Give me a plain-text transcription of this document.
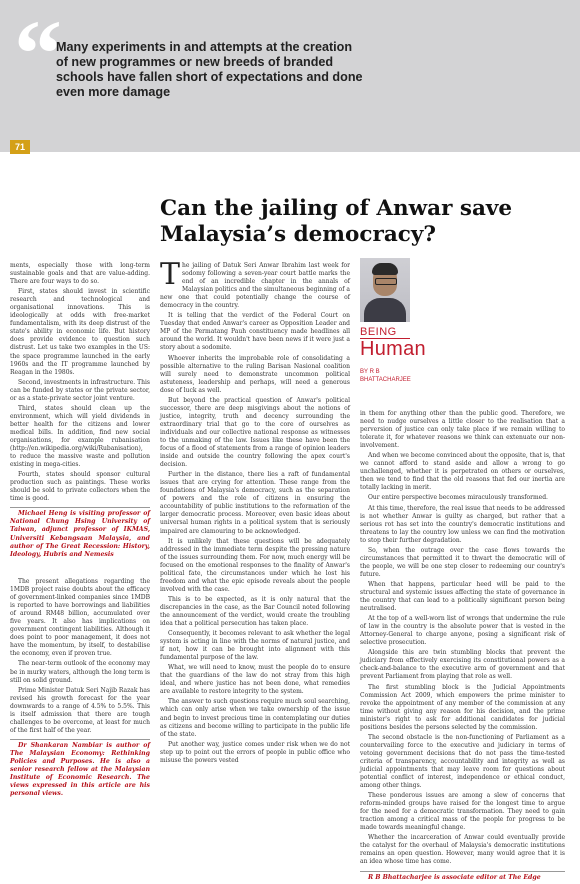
“
Many experiments in and attempts at the creation of new programmes or new breeds of branded schools have fallen short of expectations and done even more damage
71
Can the jailing of Anwar save Malaysia’s democracy?

ments, especially those with long-term sustainable goals and that are value-adding. There are four ways to do so.

First, states should invest in scientific research and technological and organisational innovations. This is ideologically at odds with free-market fundamentalism, with its deep distrust of the state's ability in economic life. But history does provide evidence to question such distrust. Let us take two examples in the US: the space programme launched in the early 1960s and the IT programme launched by Reagan in the 1980s.

Second, investments in infrastructure. This can be funded by states or the private sector, or as a state-private sector joint venture.

Third, states should clean up the environment, which will yield dividends in better health for the citizens and lower medical bills. In addition, find new social organisations, for example rubanisation (http://en.wikipedia.org/wiki/Rubanisation), to reduce the massive waste and pollution existing in mega-cities.

Fourth, states should sponsor cultural production such as paintings. These works should be sold to private collectors when the time is good.

Michael Heng is visiting professor of National Chung Hsing University of Taiwan, adjunct professor of IKMAS, Universiti Kebangsaan Malaysia, and author of The Great Recession: History, Ideology, Hubris and Nemesis

The present allegations regarding the 1MDB project raise doubts about the efficacy of government-linked companies since 1MDB is reported to have borrowings and liabilities of around RM48 billion, accumulated over five years. It also has implications on government contingent liabilities. Although it does point to poor management, it does not have the momentum, by itself, to destabilise the economy, even if proven true.

The near-term outlook of the economy may be in murky waters, although the long term is still on solid ground.

Prime Minister Datuk Seri Najib Razak has revised his growth forecast for the year downwards to a range of 4.5% to 5.5%. This is itself admission that there are tough challenges to be overcome, at least for much of the first half of the year.

Dr Shankaran Nambiar is author of The Malaysian Economy: Rethinking Policies and Purposes. He is also a senior research fellow at the Malaysian Institute of Economic Research. The views expressed in this article are his personal views.

The jailing of Datuk Seri Anwar Ibrahim last week for sodomy following a seven-year court battle marks the end of an incredible chapter in the annals of Malaysian politics and the simultaneous beginning of a new one that could potentially change the course of democracy in the country.

It is telling that the verdict of the Federal Court on Tuesday that ended Anwar's career as Opposition Leader and MP of the Permatang Pauh constituency made headlines all around the world. It wouldn't have been news if it were just a story about a sodomite.

Whoever inherits the improbable role of consolidating a possible alternative to the ruling Barisan Nasional coalition will surely need to demonstrate uncommon political astuteness, leadership and perhaps, will need a generous dose of luck as well.

But beyond the practical question of Anwar's political successor, there are deep misgivings about the notions of justice, integrity, truth and decency surrounding the extraordinary trial that go to the core of ourselves as individuals and our collective national response as witnesses to the unmaking of the law. Issues like these have been the focus of a flood of statements from a range of opinion leaders inside and outside the country following the apex court's decision.

Further in the distance, there lies a raft of fundamental issues that are crying for attention. These range from the foundations of Malaysia's democracy, such as the separation of powers and the role of citizens in ensuring the accountability of public institutions to the reformation of the larger democratic process. Moreover, even basic ideas about universal human rights in a political system that is seriously impaired are clamouring to be acknowledged.

It is unlikely that these questions will be adequately addressed in the immediate term despite the pressing nature of the issues surrounding them. For now, much energy will be focused on the emotional responses to the finality of Anwar's political fate, the circumstances under which he lost his freedom and what the epic episode reveals about the people involved with the case.

This is to be expected, as it is only natural that the discrepancies in the case, as the Bar Council noted following the announcement of the verdict, would create the troubling idea that a political persecution has taken place.

Consequently, it becomes relevant to ask whether the legal system is acting in line with the norms of natural justice, and if not, how it can be brought into alignment with this fundamental purpose of the law.

What, we will need to know, must the people do to ensure that the guardians of the law do not stray from this high ideal, and where justice has not been done, what remedies are available to restore integrity to the system.

The answer to such questions require much soul searching, which can only arise when we take ownership of the issue and begin to invest precious time in contemplating our duties as citizens and become willing to participate in the public life of the state.

Put another way, justice comes under risk when we do not step up to point out the errors of people in public office who misuse the powers vested

BEING
Human
BY R B BHATTACHARJEE

in them for anything other than the public good. Therefore, we need to nudge ourselves a little closer to the realisation that a perversion of justice can only take place if we remain willing to tolerate it, for whatever reasons we think can extenuate our non-involvement.

And when we become convinced about the opposite, that is, that we cannot afford to stand aside and allow a wrong to go unchallenged, whether it is perpetrated on others or ourselves, then we tend to find that the old reasons that fed our inertia are totally lacking in merit.

Our entire perspective becomes miraculously transformed.

At this time, therefore, the real issue that needs to be addressed is not whether Anwar is guilty as charged, but rather that a serious rot has set into the country's democratic institutions and threatens to lay the country low unless we can find the motivation to stop their further degradation.

So, when the outrage over the case flows towards the circumstances that permitted it to thwart the democratic will of the people, we will be one step closer to redeeming our country's future.

When that happens, particular heed will be paid to the structural and systemic issues affecting the state of governance in the country that can lead to a politically significant person being neutralised.

At the top of a well-worn list of wrongs that undermine the rule of law in the country is the absolute power that is vested in the Attorney-General to charge anyone, posing a significant risk of selective prosecution.

Alongside this are twin stumbling blocks that prevent the judiciary from effectively exercising its constitutional powers as a check-and-balance to the executive arm of government and that prevent Parliament from playing that role as well.

The first stumbling block is the Judicial Appointments Commission Act 2009, which empowers the prime minister to revoke the appointment of any member of the commission at any time without giving any reason for his decision, and the prime minister's right to ask for additional candidates for judicial positions besides the persons selected by the commission.

The second obstacle is the non-functioning of Parliament as a countervailing force to the executive and judiciary in terms of vetoing government decisions that do not pass the time-tested criteria of transparency, accountability and integrity as well as judicial appointments that may leave room for questions about potential conflict of interest, independence or ethical conduct, among other things.

These ponderous issues are among a slew of concerns that reform-minded groups have raised for the longest time to argue for the need for a democratic transformation. They need to gain traction among a critical mass of the people for progress to be made towards meaningful change.

Whether the incarceration of Anwar could eventually provide the catalyst for the overhaul of Malaysia's democratic institutions remains an open question. However, many would agree that it is an idea whose time has come.

R B Bhattacharjee is associate editor at The Edge
